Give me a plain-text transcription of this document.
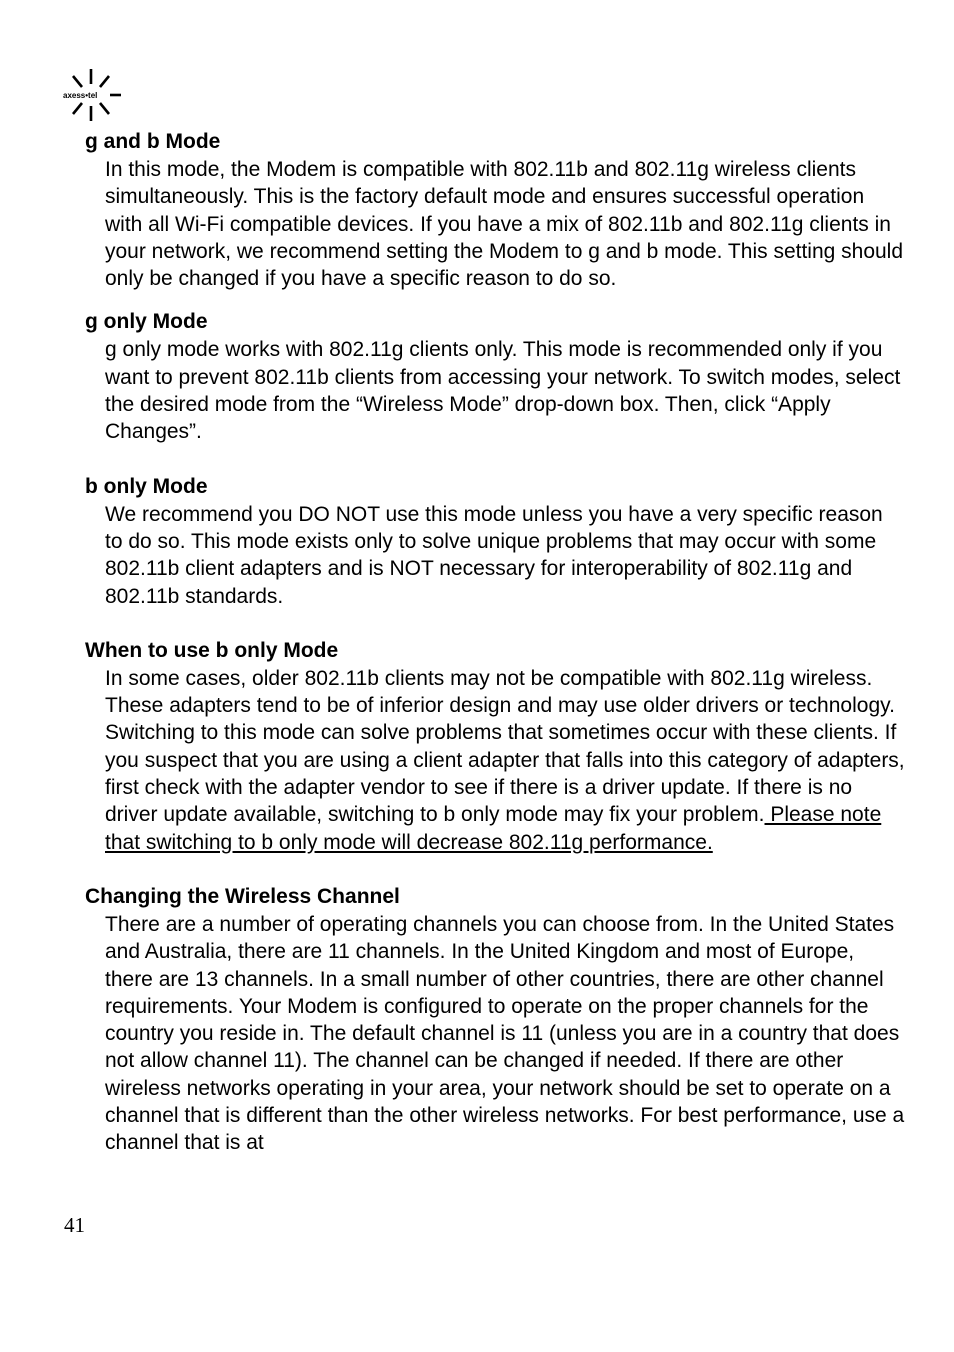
axess•tel
g and b Mode

In this mode, the Modem is compatible with 802.11b and 802.11g wireless clients simultaneously. This is the factory default mode and ensures successful operation with all Wi-Fi compatible devices. If you have a mix of 802.11b and 802.11g clients in your network, we recommend setting the Modem to g and b mode. This setting should only be changed if you have a specific reason to do so.

g only Mode

g only mode works with 802.11g clients only. This mode is recommended only if you want to prevent 802.11b clients from accessing your network. To switch modes, select the desired mode from the “Wireless Mode” drop-down box. Then, click “Apply Changes”.

b only Mode

We recommend you DO NOT use this mode unless you have a very specific reason to do so. This mode exists only to solve unique problems that may occur with some 802.11b client adapters and is NOT necessary for interoperability of 802.11g and 802.11b standards.

When to use b only Mode

In some cases, older 802.11b clients may not be compatible with 802.11g wireless. These adapters tend to be of inferior design and may use older drivers or technology. Switching to this mode can solve problems that sometimes occur with these clients. If you suspect that you are using a client adapter that falls into this category of adapters, first check with the adapter vendor to see if there is a driver update. If there is no driver update available, switching to b only mode may fix your problem. Please note that switching to b only mode will decrease 802.11g performance.

Changing the Wireless Channel

There are a number of operating channels you can choose from. In the United States and Australia, there are 11 channels. In the United Kingdom and most of Europe, there are 13 channels. In a small number of other countries, there are other channel requirements. Your Modem is configured to operate on the proper channels for the country you reside in. The default channel is 11 (unless you are in a country that does not allow channel 11). The channel can be changed if needed. If there are other wireless networks operating in your area, your network should be set to operate on a channel that is different than the other wireless networks. For best performance, use a channel that is at

41
